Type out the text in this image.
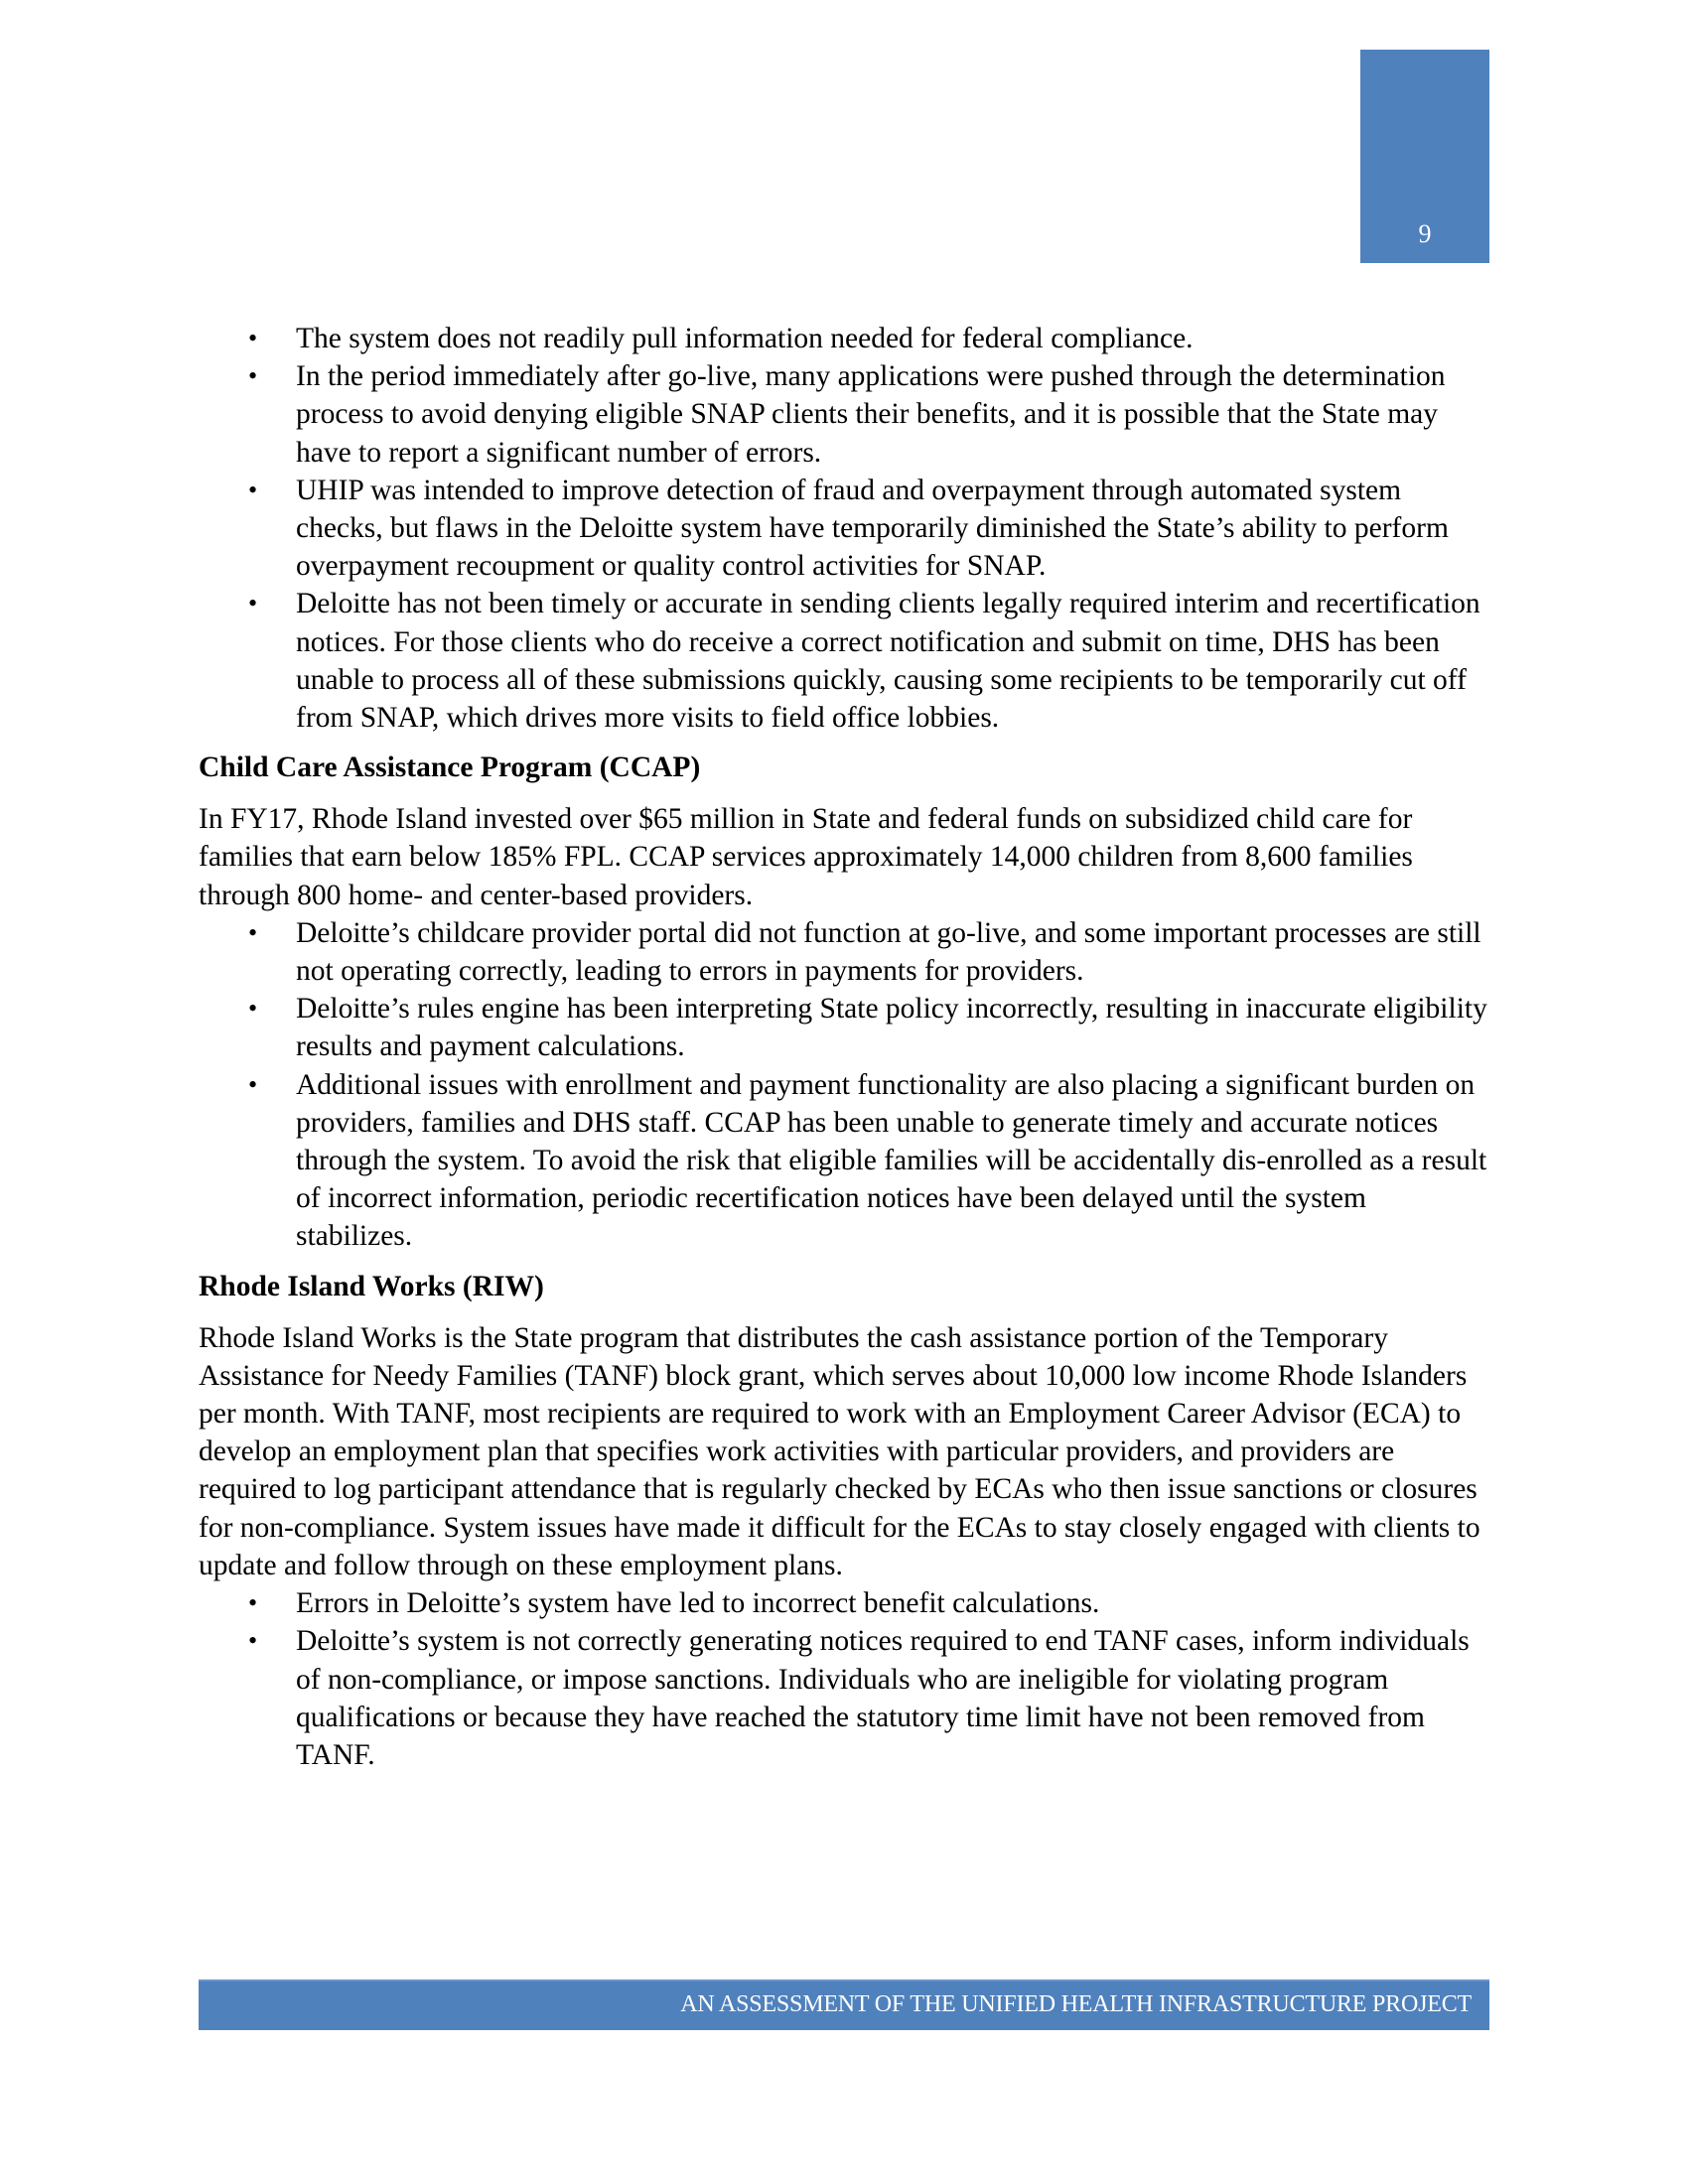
9
• The system does not readily pull information needed for federal compliance.
• In the period immediately after go-live, many applications were pushed through the determination process to avoid denying eligible SNAP clients their benefits, and it is possible that the State may have to report a significant number of errors.
• UHIP was intended to improve detection of fraud and overpayment through automated system checks, but flaws in the Deloitte system have temporarily diminished the State’s ability to perform overpayment recoupment or quality control activities for SNAP.
• Deloitte has not been timely or accurate in sending clients legally required interim and recertification notices. For those clients who do receive a correct notification and submit on time, DHS has been unable to process all of these submissions quickly, causing some recipients to be temporarily cut off from SNAP, which drives more visits to field office lobbies.
Child Care Assistance Program (CCAP)

In FY17, Rhode Island invested over $65 million in State and federal funds on subsidized child care for families that earn below 185% FPL. CCAP services approximately 14,000 children from 8,600 families through 800 home- and center-based providers.

• Deloitte’s childcare provider portal did not function at go-live, and some important processes are still not operating correctly, leading to errors in payments for providers.
• Deloitte’s rules engine has been interpreting State policy incorrectly, resulting in inaccurate eligibility results and payment calculations.
• Additional issues with enrollment and payment functionality are also placing a significant burden on providers, families and DHS staff. CCAP has been unable to generate timely and accurate notices through the system. To avoid the risk that eligible families will be accidentally dis-enrolled as a result of incorrect information, periodic recertification notices have been delayed until the system stabilizes.
Rhode Island Works (RIW)

Rhode Island Works is the State program that distributes the cash assistance portion of the Temporary Assistance for Needy Families (TANF) block grant, which serves about 10,000 low income Rhode Islanders per month. With TANF, most recipients are required to work with an Employment Career Advisor (ECA) to develop an employment plan that specifies work activities with particular providers, and providers are required to log participant attendance that is regularly checked by ECAs who then issue sanctions or closures for non-compliance. System issues have made it difficult for the ECAs to stay closely engaged with clients to update and follow through on these employment plans.

• Errors in Deloitte’s system have led to incorrect benefit calculations.
• Deloitte’s system is not correctly generating notices required to end TANF cases, inform individuals of non-compliance, or impose sanctions. Individuals who are ineligible for violating program qualifications or because they have reached the statutory time limit have not been removed from TANF.
AN ASSESSMENT OF THE UNIFIED HEALTH INFRASTRUCTURE PROJECT
